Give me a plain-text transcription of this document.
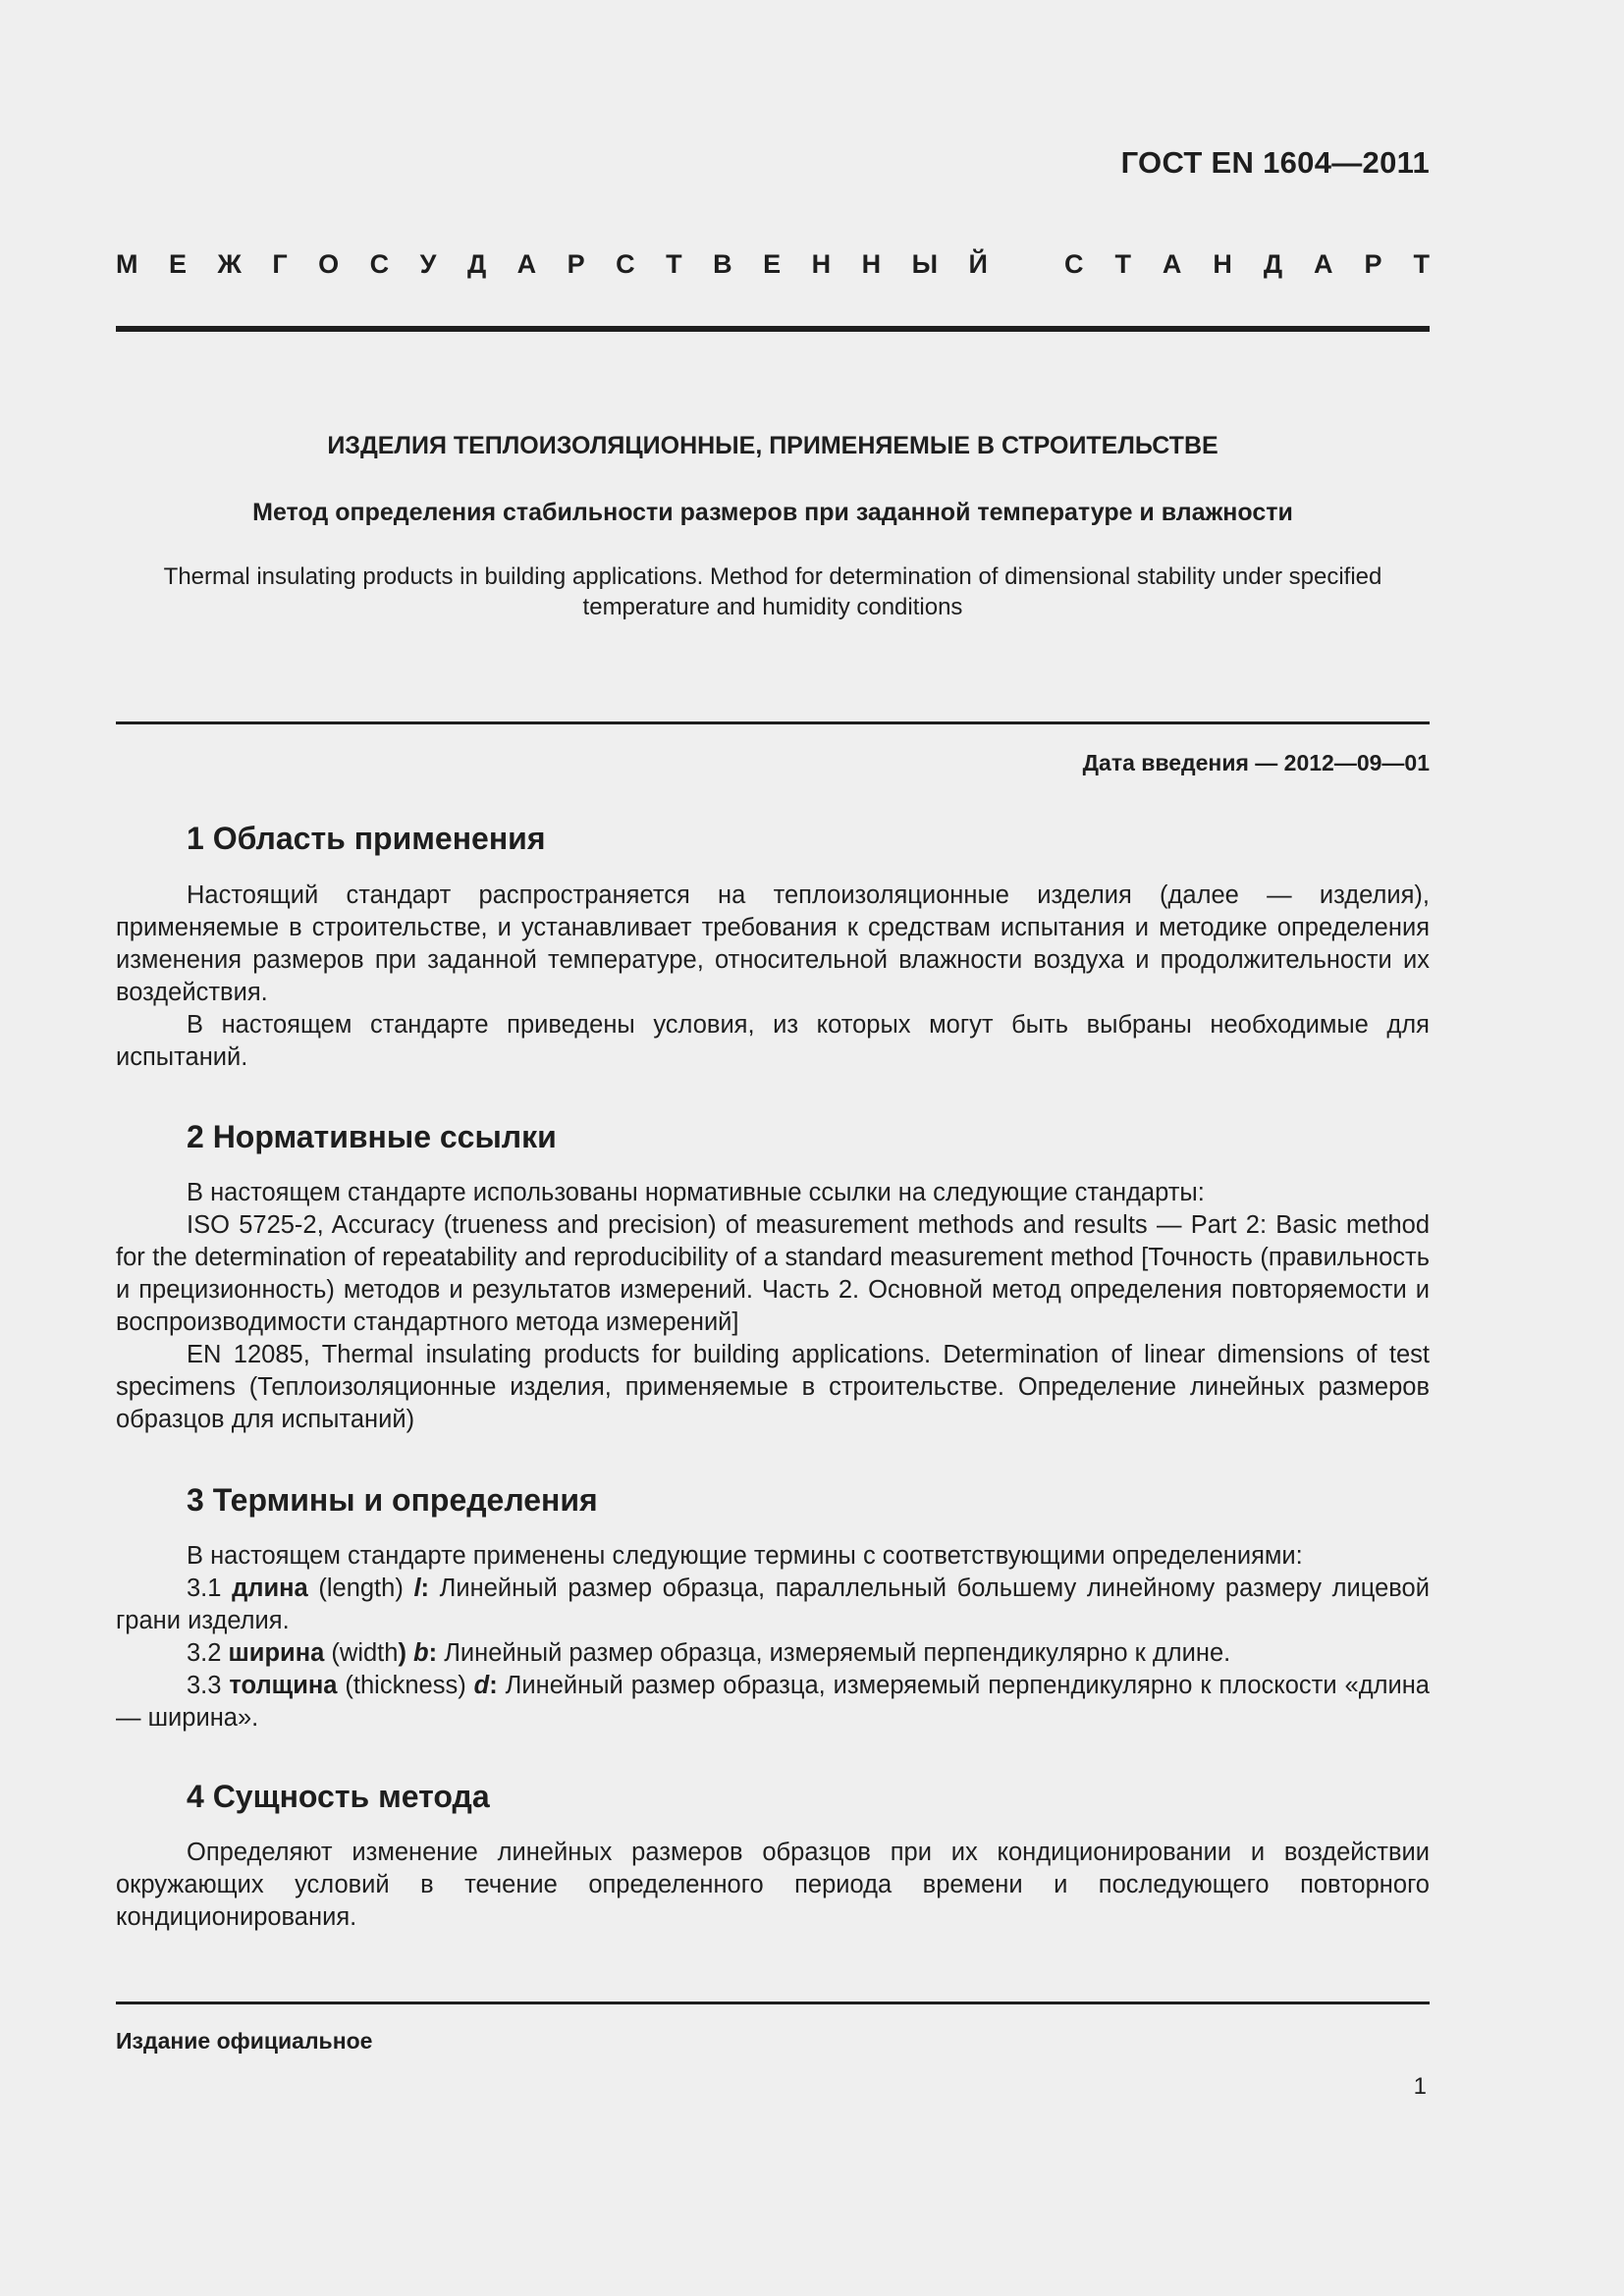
ГОСТ EN 1604—2011
М Е Ж Г О С У Д А Р С Т В Е Н Н Ы Й	С Т А Н Д А Р Т
ИЗДЕЛИЯ ТЕПЛОИЗОЛЯЦИОННЫЕ, ПРИМЕНЯЕМЫЕ В СТРОИТЕЛЬСТВЕ
Метод определения стабильности размеров при заданной температуре и влажности
Thermal insulating products in building applications. Method for determination of dimensional stability under specified temperature and humidity conditions
Дата введения — 2012—09—01
1 Область применения

Настоящий стандарт распространяется на теплоизоляционные изделия (далее — изделия), применяемые в строительстве, и устанавливает требования к средствам испытания и методике определения изменения размеров при заданной температуре, относительной влажности воздуха и продолжительности их воздействия.

В настоящем стандарте приведены условия, из которых могут быть выбраны необходимые для испытаний.

2 Нормативные ссылки

В настоящем стандарте использованы нормативные ссылки на следующие стандарты:

ISO 5725-2, Accuracy (trueness and precision) of measurement methods and results — Part 2: Basic method for the determination of repeatability and reproducibility of a standard measurement method [Точность (правильность и прецизионность) методов и результатов измерений. Часть 2. Основной метод определения повторяемости и воспроизводимости стандартного метода измерений]

EN 12085, Thermal insulating products for building applications. Determination of linear dimensions of test specimens (Теплоизоляционные изделия, применяемые в строительстве. Определение линейных размеров образцов для испытаний)

3 Термины и определения

В настоящем стандарте применены следующие термины с соответствующими определениями:

3.1 длина (length) l: Линейный размер образца, параллельный большему линейному размеру лицевой грани изделия.

3.2 ширина (width) b: Линейный размер образца, измеряемый перпендикулярно к длине.

3.3 толщина (thickness) d: Линейный размер образца, измеряемый перпендикулярно к плоскости «длина — ширина».

4 Сущность метода

Определяют изменение линейных размеров образцов при их кондиционировании и воздействии окружающих условий в течение определенного периода времени и последующего повторного кондиционирования.

Издание официальное
1
